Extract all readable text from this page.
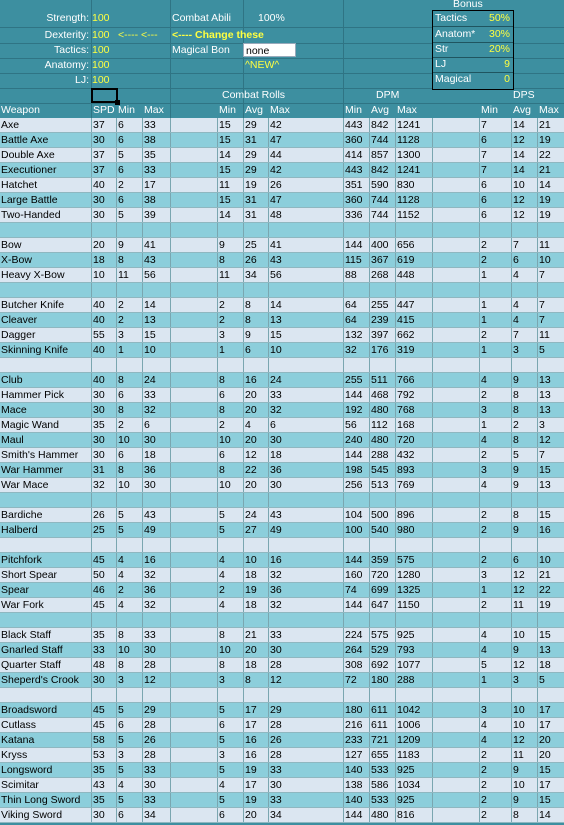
Strength: 100
Dexterity: 100 <---- <---
Tactics: 100
Anatomy: 100
LJ: 100
Combat Abili	100%
<---- Change these
Magical Bon none
^NEW^
Bonus
Tactics 50%
Anatom* 30%
Str	20%
LJ	9
Magical	0
Combat Rolls	DPM	DPS
Weapon	SPD Min Max	Min Avg Max	Min Avg Max	Min Avg Max
Axe	37 6 33	15 29 42	443 842 1241	7 14 21
Battle Axe	30 6 38	15 31 47	360 744 1128	6 12 19
Double Axe	37 5 35	14 29 44	414 857 1300	7 14 22
Executioner	37 6 33	15 29 42	443 842 1241	7 14 21
Hatchet	40 2 17	11 19 26	351 590 830	6 10 14
Large Battle	30 6 38	15 31 47	360 744 1128	6 12 19
Two-Handed	30 5 39	14 31 48	336 744 1152	6 12 19
Bow	20 9 41	9 25 41	144 400 656	2 7 11
X-Bow	18 8 43	8 26 43	115 367 619	2 6 10
Heavy X-Bow	10 11 56	11 34 56	88 268 448	1 4 7
Butcher Knife	40 2 14	2 8 14	64 255 447	1 4 7
Cleaver	40 2 13	2 8 13	64 239 415	1 4 7
Dagger	55 3 15	3 9 15	132 397 662	2 7 11
Skinning Knife 40 1 10	1 6 10	32 176 319	1 3 5
Club	40 8 24	8 16 24	255 511 766	4 9 13
Hammer Pick	30 6 33	6 20 33	144 468 792	2 8 13
Mace	30 8 32	8 20 32	192 480 768	3 8 13
Magic Wand	35 2 6	2 4 6	56 112 168	1 2 3
Maul	30 10 30	10 20 30	240 480 720	4 8 12
Smith's Hammer 30 6 18	6 12 18	144 288 432	2 5 7
War Hammer	31 8 36	8 22 36	198 545 893	3 9 15
War Mace	32 10 30	10 20 30	256 513 769	4 9 13
Bardiche	26 5 43	5 24 43	104 500 896	2 8 15
Halberd	25 5 49	5 27 49	100 540 980	2 9 16
Pitchfork	45 4 16	4 10 16	144 359 575	2 6 10
Short Spear	50 4 32	4 18 32	160 720 1280	3 12 21
Spear	46 2 36	2 19 36	74 699 1325	1 12 22
War Fork	45 4 32	4 18 32	144 647 1150	2 11 19
Black Staff	35 8 33	8 21 33	224 575 925	4 10 15
Gnarled Staff	33 10 30	10 20 30	264 529 793	4 9 13
Quarter Staff	48 8 28	8 18 28	308 692 1077	5 12 18
Sheperd's Crook 30 3 12	3 8 12	72 180 288	1 3 5
Broadsword	45 5 29	5 17 29	180 611 1042	3 10 17
Cutlass	45 6 28	6 17 28	216 611 1006	4 10 17
Katana	58 5 26	5 16 26	233 721 1209	4 12 20
Kryss	53 3 28	3 16 28	127 655 1183	2 11 20
Longsword	35 5 33	5 19 33	140 533 925	2 9 15
Scimitar	43 4 30	4 17 30	138 586 1034	2 10 17
Thin Long Sword 35 5 33	5 19 33	140 533 925	2 9 15
Viking Sword	30 6 34	6 20 34	144 480 816	2 8 14
